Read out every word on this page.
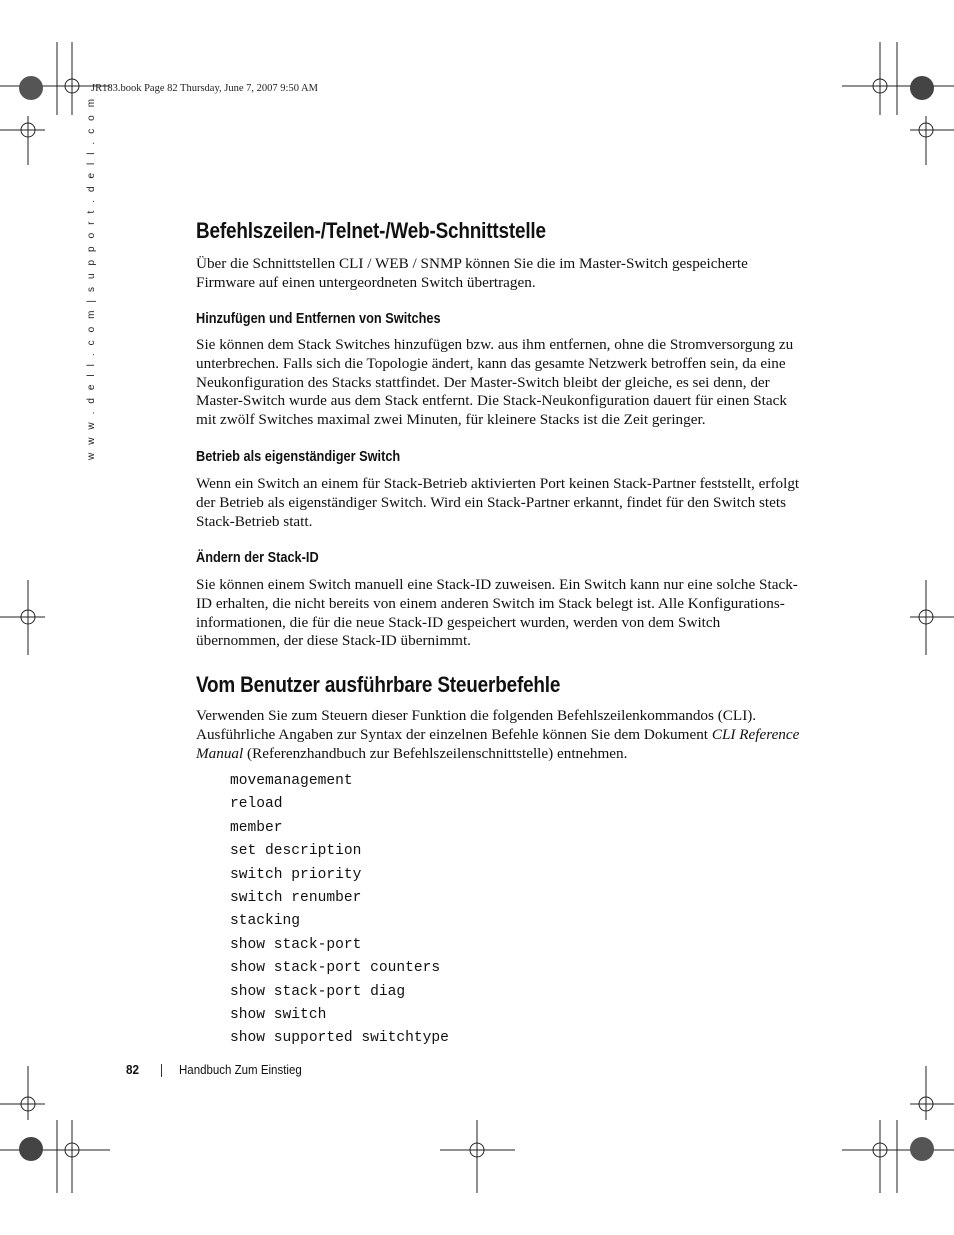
JR183.book Page 82 Thursday, June 7, 2007 9:50 AM
w w w . d e l l . c o m | s u p p o r t . d e l l . c o m	Befehlszeilen-/Telnet-/Web-Schnittstelle
Über die Schnittstellen CLI / WEB / SNMP können Sie die im Master-Switch gespeicherte
Firmware auf einen untergeordneten Switch übertragen.
Hinzufügen und Entfernen von Switches
Sie können dem Stack Switches hinzufügen bzw. aus ihm entfernen, ohne die Stromversorgung zu
unterbrechen. Falls sich die Topologie ändert, kann das gesamte Netzwerk betroffen sein, da eine
Neukonfiguration des Stacks stattfindet. Der Master-Switch bleibt der gleiche, es sei denn, der
Master-Switch wurde aus dem Stack entfernt. Die Stack-Neukonfiguration dauert für einen Stack
mit zwölf Switches maximal zwei Minuten, für kleinere Stacks ist die Zeit geringer.
Betrieb als eigenständiger Switch
Wenn ein Switch an einem für Stack-Betrieb aktivierten Port keinen Stack-Partner feststellt, erfolgt
der Betrieb als eigenständiger Switch. Wird ein Stack-Partner erkannt, findet für den Switch stets
Stack-Betrieb statt.
Ändern der Stack-ID
Sie können einem Switch manuell eine Stack-ID zuweisen. Ein Switch kann nur eine solche Stack-
ID erhalten, die nicht bereits von einem anderen Switch im Stack belegt ist. Alle Konfigurations-
informationen, die für die neue Stack-ID gespeichert wurden, werden von dem Switch
übernommen, der diese Stack-ID übernimmt.
Vom Benutzer ausführbare Steuerbefehle
Verwenden Sie zum Steuern dieser Funktion die folgenden Befehlszeilenkommandos (CLI).
Ausführliche Angaben zur Syntax der einzelnen Befehle können Sie dem Dokument CLI Reference
Manual (Referenzhandbuch zur Befehlszeilenschnittstelle) entnehmen.
movemanagement
reload
member
set description
switch priority
switch renumber
stacking
show stack-port
show stack-port counters
show stack-port diag
show switch
show supported switchtype
82	Handbuch Zum Einstieg
